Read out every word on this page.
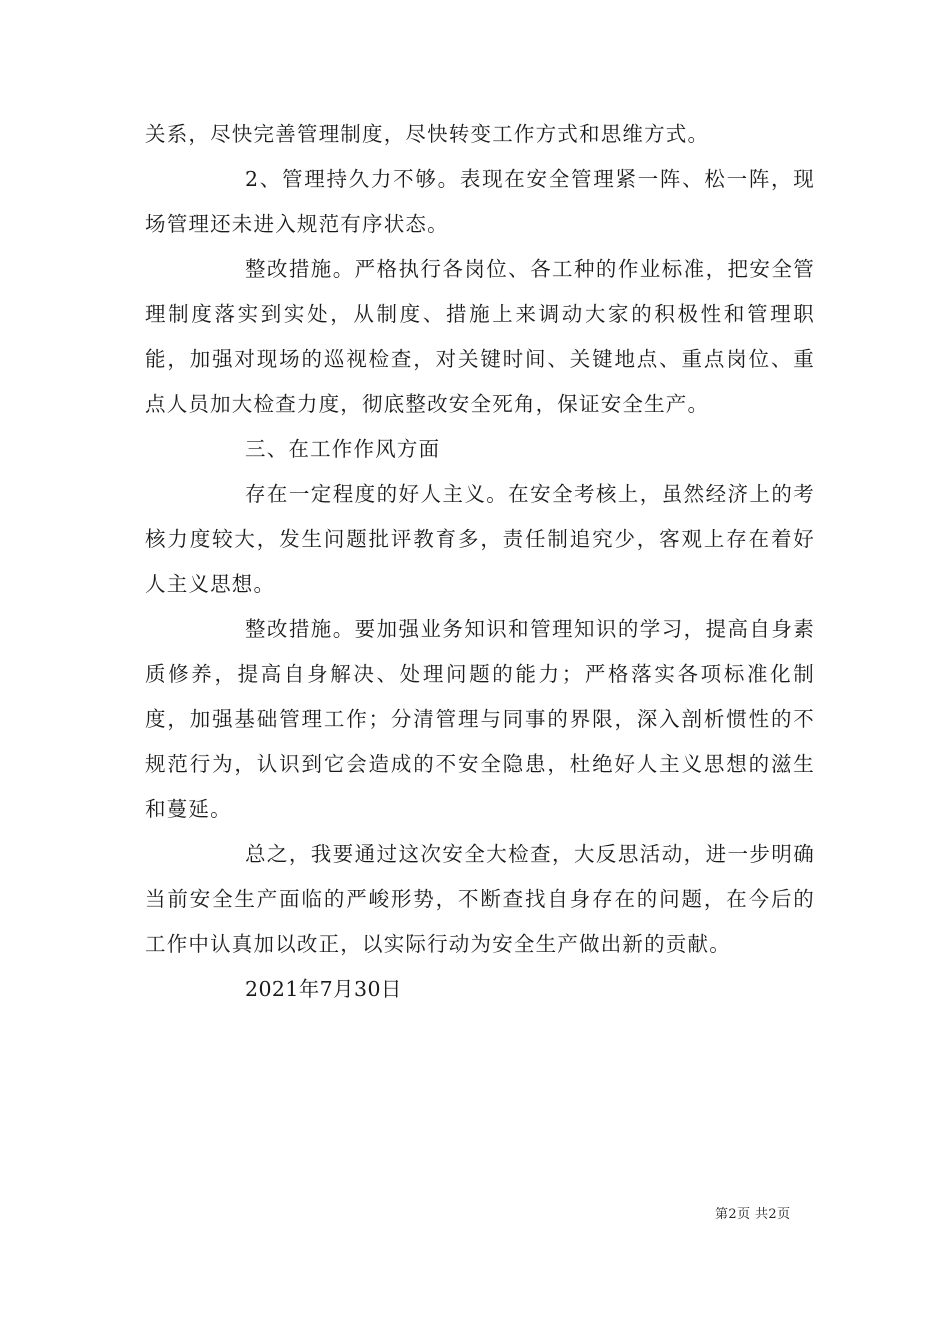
关系，尽快完善管理制度，尽快转变工作方式和思维方式。

2、管理持久力不够。表现在安全管理紧一阵、松一阵，现场管理还未进入规范有序状态。

整改措施。严格执行各岗位、各工种的作业标准，把安全管理制度落实到实处，从制度、措施上来调动大家的积极性和管理职能，加强对现场的巡视检查，对关键时间、关键地点、重点岗位、重点人员加大检查力度，彻底整改安全死角，保证安全生产。

三、在工作作风方面

存在一定程度的好人主义。在安全考核上，虽然经济上的考核力度较大，发生问题批评教育多，责任制追究少，客观上存在着好人主义思想。

整改措施。要加强业务知识和管理知识的学习，提高自身素质修养，提高自身解决、处理问题的能力；严格落实各项标准化制度，加强基础管理工作；分清管理与同事的界限，深入剖析惯性的不规范行为，认识到它会造成的不安全隐患，杜绝好人主义思想的滋生和蔓延。

总之，我要通过这次安全大检查，大反思活动，进一步明确当前安全生产面临的严峻形势，不断查找自身存在的问题，在今后的工作中认真加以改正，以实际行动为安全生产做出新的贡献。

2021年7月30日

第2页 共2页
